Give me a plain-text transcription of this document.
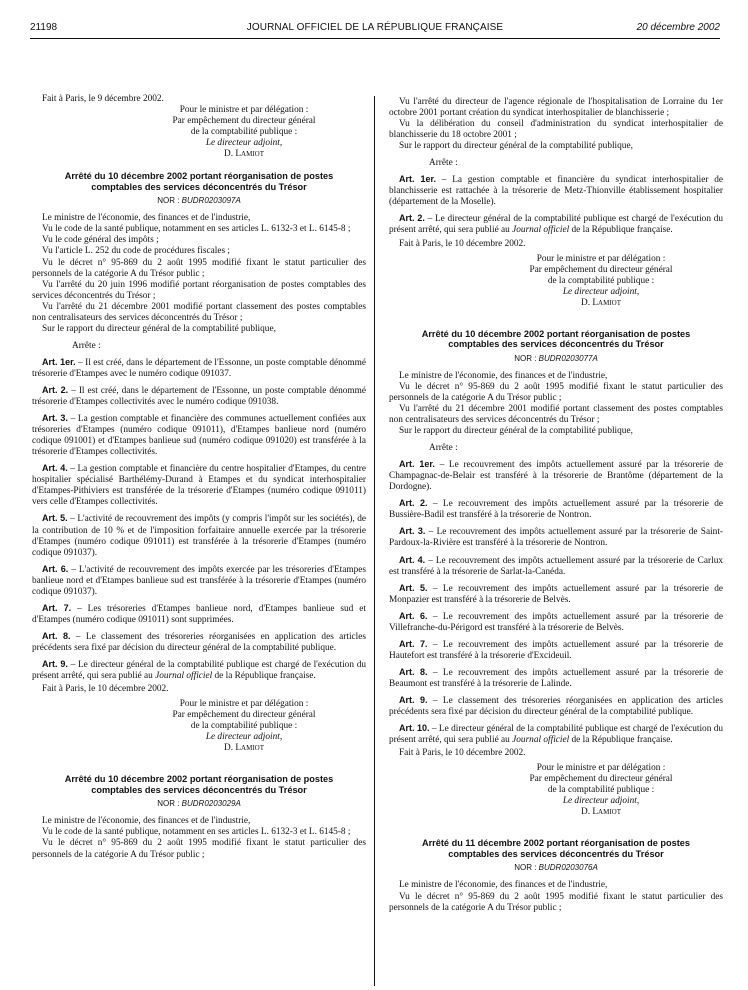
21198	JOURNAL OFFICIEL DE LA RÉPUBLIQUE FRANÇAISE	20 décembre 2002

Fait à Paris, le 9 décembre 2002.

Pour le ministre et par délégation :
Par empêchement du directeur général
de la comptabilité publique :
Le directeur adjoint,
D. Lamiot
Arrêté du 10 décembre 2002 portant réorganisation de postes comptables des services déconcentrés du Trésor
NOR : BUDR0203097A

Le ministre de l'économie, des finances et de l'industrie,

Vu le code de la santé publique, notamment en ses articles L. 6132-3 et L. 6145-8 ;

Vu le code général des impôts ;

Vu l'article L. 252 du code de procédures fiscales ;

Vu le décret n° 95-869 du 2 août 1995 modifié fixant le statut particulier des personnels de la catégorie A du Trésor public ;

Vu l'arrêté du 20 juin 1996 modifié portant réorganisation de postes comptables des services déconcentrés du Trésor ;

Vu l'arrêté du 21 décembre 2001 modifié portant classement des postes comptables non centralisateurs des services déconcentrés du Trésor ;

Sur le rapport du directeur général de la comptabilité publique,

Arrête :

Art. 1er. – Il est créé, dans le département de l'Essonne, un poste comptable dénommé trésorerie d'Etampes avec le numéro codique 091037.

Art. 2. – Il est créé, dans le département de l'Essonne, un poste comptable dénommé trésorerie d'Etampes collectivités avec le numéro codique 091038.

Art. 3. – La gestion comptable et financière des communes actuellement confiées aux trésoreries d'Etampes (numéro codique 091011), d'Etampes banlieue nord (numéro codique 091001) et d'Etampes banlieue sud (numéro codique 091020) est transférée à la trésorerie d'Etampes collectivités.

Art. 4. – La gestion comptable et financière du centre hospitalier d'Etampes, du centre hospitalier spécialisé Barthélémy-Durand à Etampes et du syndicat interhospitalier d'Etampes-Pithiviers est transférée de la trésorerie d'Etampes (numéro codique 091011) vers celle d'Etampes collectivités.

Art. 5. – L'activité de recouvrement des impôts (y compris l'impôt sur les sociétés), de la contribution de 10 % et de l'imposition forfaitaire annuelle exercée par la trésorerie d'Etampes (numéro codique 091011) est transférée à la trésorerie d'Etampes (numéro codique 091037).

Art. 6. – L'activité de recouvrement des impôts exercée par les trésoreries d'Etampes banlieue nord et d'Etampes banlieue sud est transférée à la trésorerie d'Etampes (numéro codique 091037).

Art. 7. – Les trésoreries d'Etampes banlieue nord, d'Etampes banlieue sud et d'Etampes (numéro codique 091011) sont supprimées.

Art. 8. – Le classement des trésoreries réorganisées en application des articles précédents sera fixé par décision du directeur général de la comptabilité publique.

Art. 9. – Le directeur général de la comptabilité publique est chargé de l'exécution du présent arrêté, qui sera publié au Journal officiel de la République française.

Fait à Paris, le 10 décembre 2002.

Pour le ministre et par délégation :
Par empêchement du directeur général
de la comptabilité publique :
Le directeur adjoint,
D. Lamiot
Arrêté du 10 décembre 2002 portant réorganisation de postes comptables des services déconcentrés du Trésor
NOR : BUDR0203029A

Le ministre de l'économie, des finances et de l'industrie,

Vu le code de la santé publique, notamment en ses articles L. 6132-3 et L. 6145-8 ;

Vu le décret n° 95-869 du 2 août 1995 modifié fixant le statut particulier des personnels de la catégorie A du Trésor public ;

Vu l'arrêté du directeur de l'agence régionale de l'hospitalisation de Lorraine du 1er octobre 2001 portant création du syndicat interhospitalier de blanchisserie ;

Vu la délibération du conseil d'administration du syndicat interhospitalier de blanchisserie du 18 octobre 2001 ;

Sur le rapport du directeur général de la comptabilité publique,

Arrête :

Art. 1er. – La gestion comptable et financière du syndicat interhospitalier de blanchisserie est rattachée à la trésorerie de Metz-Thionville établissement hospitalier (département de la Moselle).

Art. 2. – Le directeur général de la comptabilité publique est chargé de l'exécution du présent arrêté, qui sera publié au Journal officiel de la République française.

Fait à Paris, le 10 décembre 2002.

Pour le ministre et par délégation :
Par empêchement du directeur général
de la comptabilité publique :
Le directeur adjoint,
D. Lamiot
Arrêté du 10 décembre 2002 portant réorganisation de postes comptables des services déconcentrés du Trésor
NOR : BUDR0203077A

Le ministre de l'économie, des finances et de l'industrie,

Vu le décret n° 95-869 du 2 août 1995 modifié fixant le statut particulier des personnels de la catégorie A du Trésor public ;

Vu l'arrêté du 21 décembre 2001 modifié portant classement des postes comptables non centralisateurs des services déconcentrés du Trésor ;

Sur le rapport du directeur général de la comptabilité publique,

Arrête :

Art. 1er. – Le recouvrement des impôts actuellement assuré par la trésorerie de Champagnac-de-Belair est transféré à la trésorerie de Brantôme (département de la Dordogne).

Art. 2. – Le recouvrement des impôts actuellement assuré par la trésorerie de Bussière-Badil est transféré à la trésorerie de Nontron.

Art. 3. – Le recouvrement des impôts actuellement assuré par la trésorerie de Saint-Pardoux-la-Rivière est transféré à la trésorerie de Nontron.

Art. 4. – Le recouvrement des impôts actuellement assuré par la trésorerie de Carlux est transféré à la trésorerie de Sarlat-la-Canéda.

Art. 5. – Le recouvrement des impôts actuellement assuré par la trésorerie de Monpazier est transféré à la trésorerie de Belvès.

Art. 6. – Le recouvrement des impôts actuellement assuré par la trésorerie de Villefranche-du-Périgord est transféré à la trésorerie de Belvès.

Art. 7. – Le recouvrement des impôts actuellement assuré par la trésorerie de Hautefort est transféré à la trésorerie d'Excideuil.

Art. 8. – Le recouvrement des impôts actuellement assuré par la trésorerie de Beaumont est transféré à la trésorerie de Lalinde.

Art. 9. – Le classement des trésoreries réorganisées en application des articles précédents sera fixé par décision du directeur général de la comptabilité publique.

Art. 10. – Le directeur général de la comptabilité publique est chargé de l'exécution du présent arrêté, qui sera publié au Journal officiel de la République française.

Fait à Paris, le 10 décembre 2002.

Pour le ministre et par délégation :
Par empêchement du directeur général
de la comptabilité publique :
Le directeur adjoint,
D. Lamiot
Arrêté du 11 décembre 2002 portant réorganisation de postes comptables des services déconcentrés du Trésor
NOR : BUDR0203076A

Le ministre de l'économie, des finances et de l'industrie,

Vu le décret n° 95-869 du 2 août 1995 modifié fixant le statut particulier des personnels de la catégorie A du Trésor public ;
